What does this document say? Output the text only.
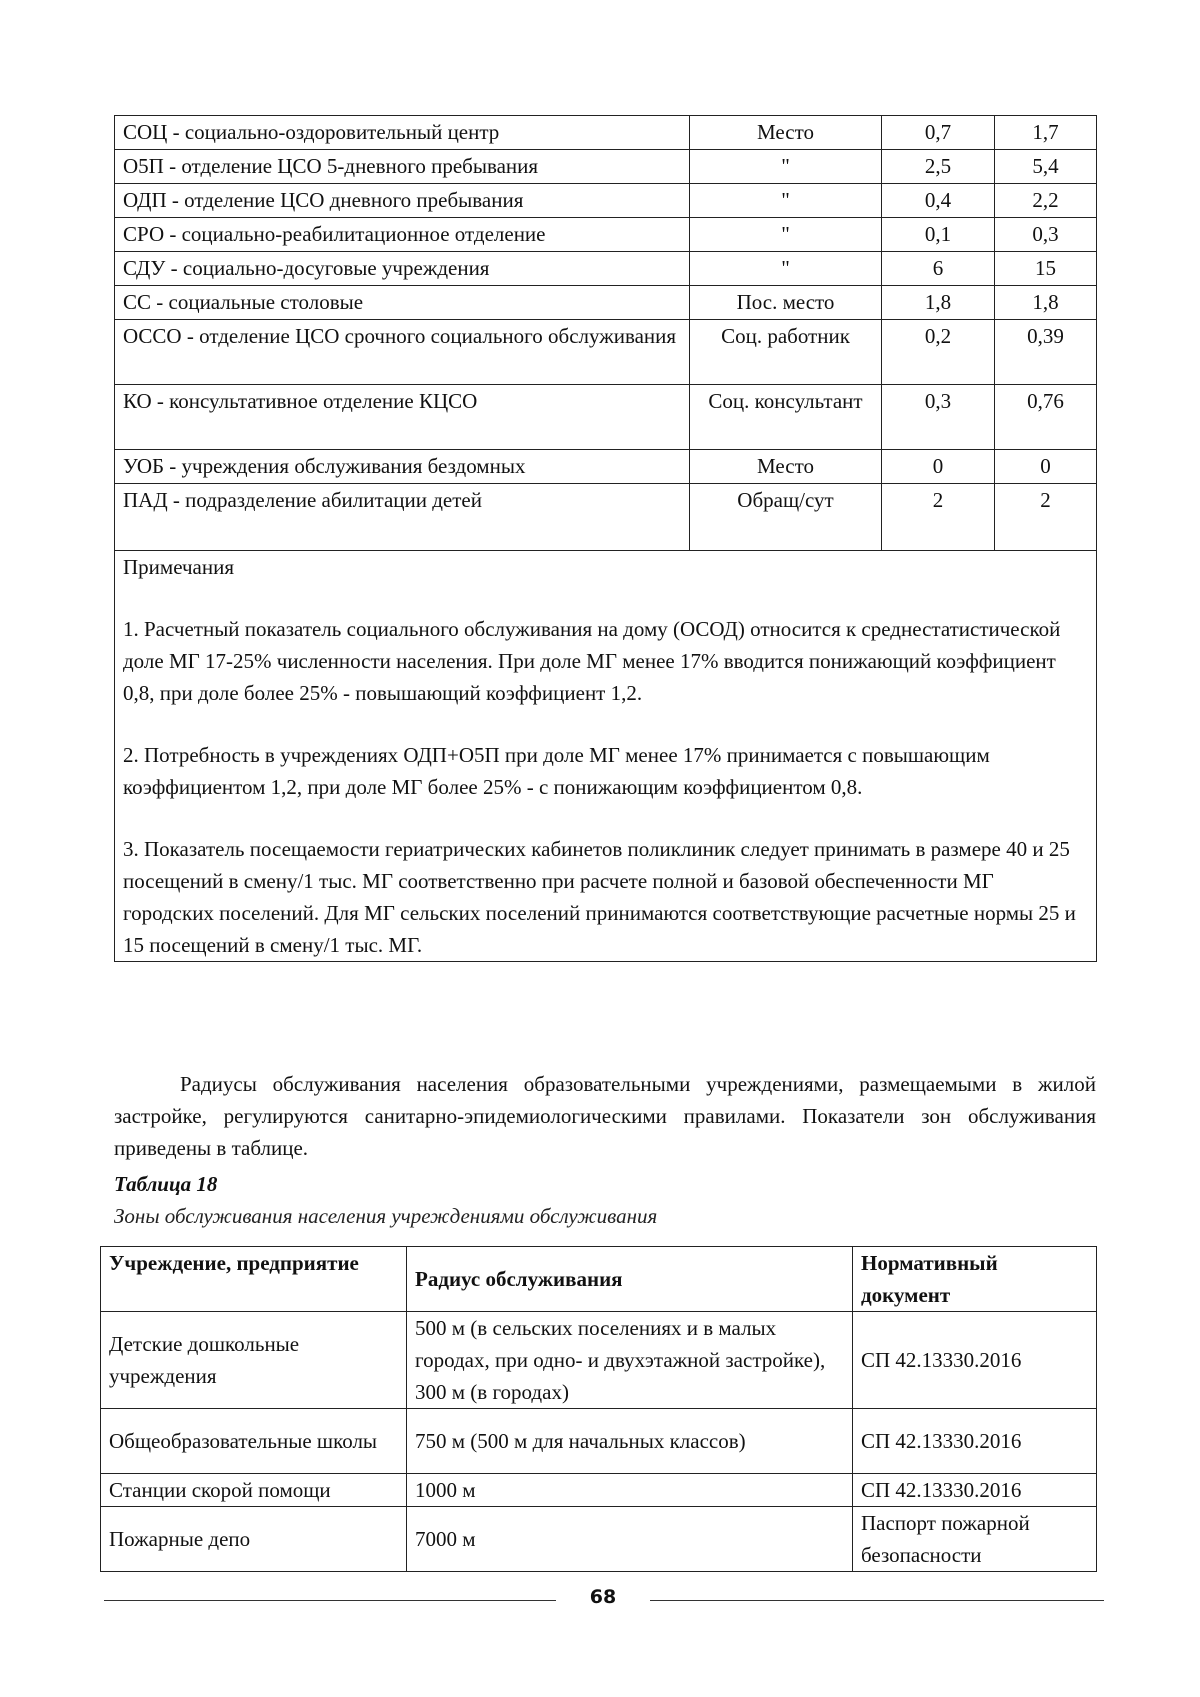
СОЦ - социально-оздоровительный центр	Место	0,7	1,7
О5П - отделение ЦСО 5-дневного пребывания	"	2,5	5,4
ОДП - отделение ЦСО дневного пребывания	"	0,4	2,2
СРО - социально-реабилитационное отделение	"	0,1	0,3
СДУ - социально-досуговые учреждения	"	6	15
СС - социальные столовые	Пос. место	1,8	1,8
ОССО - отделение ЦСО срочного социального обслуживания	Соц. работник	0,2	0,39
КО - консультативное отделение КЦСО	Соц. консультант	0,3	0,76
УОБ - учреждения обслуживания бездомных	Место	0	0
ПАД - подразделение абилитации детей	Обращ/сут	2	2

Примечания
1. Расчетный показатель социального обслуживания на дому (ОСОД) относится к среднестатистической доле МГ 17-25% численности населения. При доле МГ менее 17% вводится понижающий коэффициент 0,8, при доле более 25% - повышающий коэффициент 1,2.
2. Потребность в учреждениях ОДП+О5П при доле МГ менее 17% принимается с повышающим коэффициентом 1,2, при доле МГ более 25% - с понижающим коэффициентом 0,8.
3. Показатель посещаемости гериатрических кабинетов поликлиник следует принимать в размере 40 и 25 посещений в смену/1 тыс. МГ соответственно при расчете полной и базовой обеспеченности МГ городских поселений. Для МГ сельских поселений принимаются соответствующие расчетные нормы 25 и 15 посещений в смену/1 тыс. МГ.			
Радиусы обслуживания населения образовательными учреждениями, размещаемыми в жилой застройке, регулируются санитарно-эпидемиологическими правилами. Показатели зон обслуживания приведены в таблице.
Таблица 18
Зоны обслуживания населения учреждениями обслуживания
Учреждение, предприятие	Радиус обслуживания	Нормативный документ
Детские дошкольные учреждения	500 м (в сельских поселениях и в малых городах, при одно- и двухэтажной застройке), 300 м (в городах)	СП 42.13330.2016
Общеобразовательные школы	750 м (500 м для начальных классов)	СП 42.13330.2016
Станции скорой помощи	1000 м	СП 42.13330.2016
Пожарные депо	7000 м	Паспорт пожарной безопасности
68
